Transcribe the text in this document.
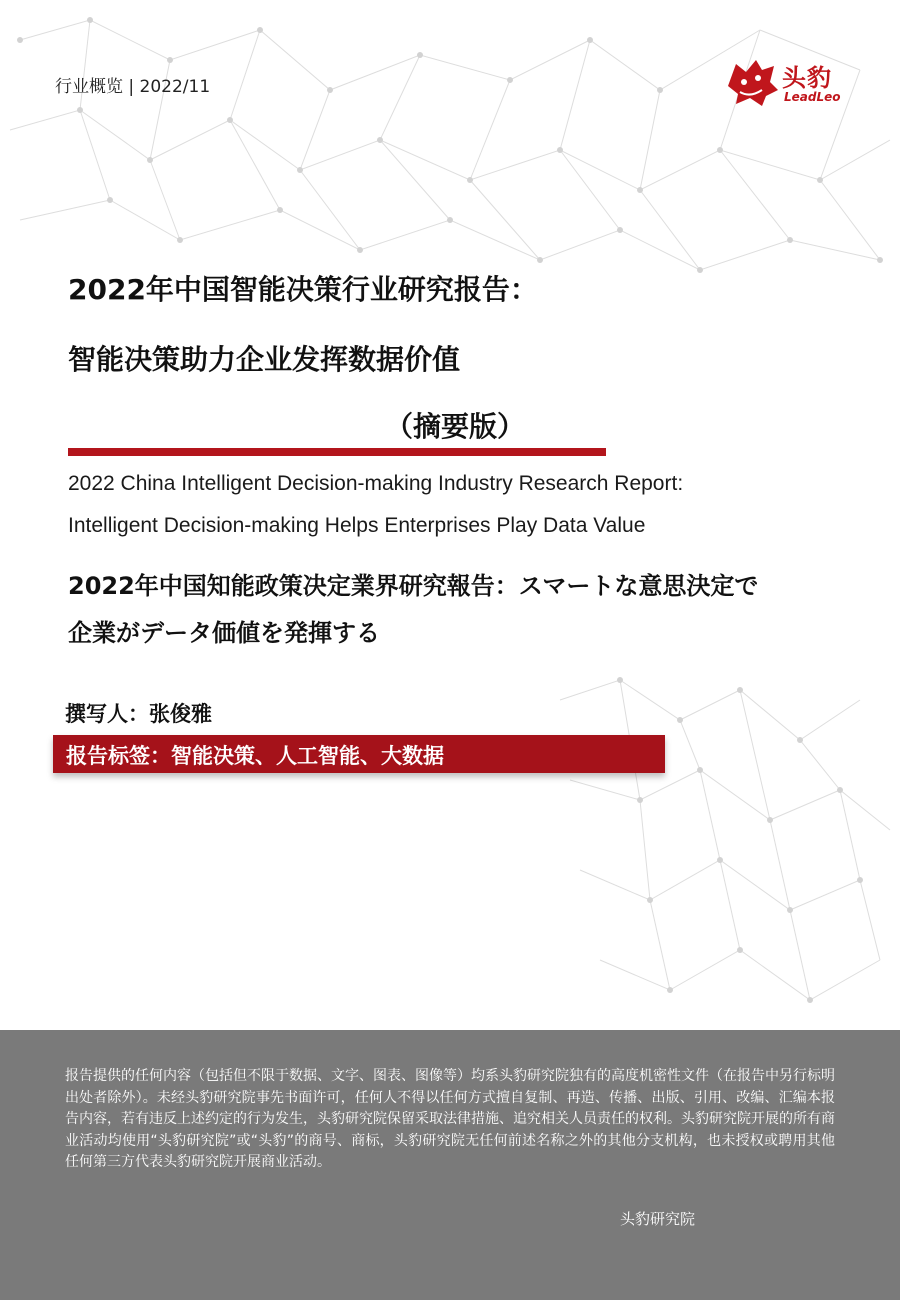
行业概览 | 2022/11	头豹
LeadLeo
2022年中国智能决策行业研究报告：
智能决策助力企业发挥数据价值
（摘要版）
2022 China Intelligent Decision-making Industry Research Report:
Intelligent Decision-making Helps Enterprises Play Data Value
2022年中国知能政策决定業界研究報告：スマートな意思決定で
企業がデータ価値を発揮する
撰写人：张俊雅
报告标签：智能决策、人工智能、大数据

报告提供的任何内容（包括但不限于数据、文字、图表、图像等）均系头豹研究院独有的高度机密性文件（在报告中另行标明出处者除外）。未经头豹研究院事先书面许可，任何人不得以任何方式擅自复制、再造、传播、出版、引用、改编、汇编本报告内容，若有违反上述约定的行为发生，头豹研究院保留采取法律措施、追究相关人员责任的权利。头豹研究院开展的所有商业活动均使用“头豹研究院”或“头豹”的商号、商标，头豹研究院无任何前述名称之外的其他分支机构，也未授权或聘用其他任何第三方代表头豹研究院开展商业活动。

头豹研究院
